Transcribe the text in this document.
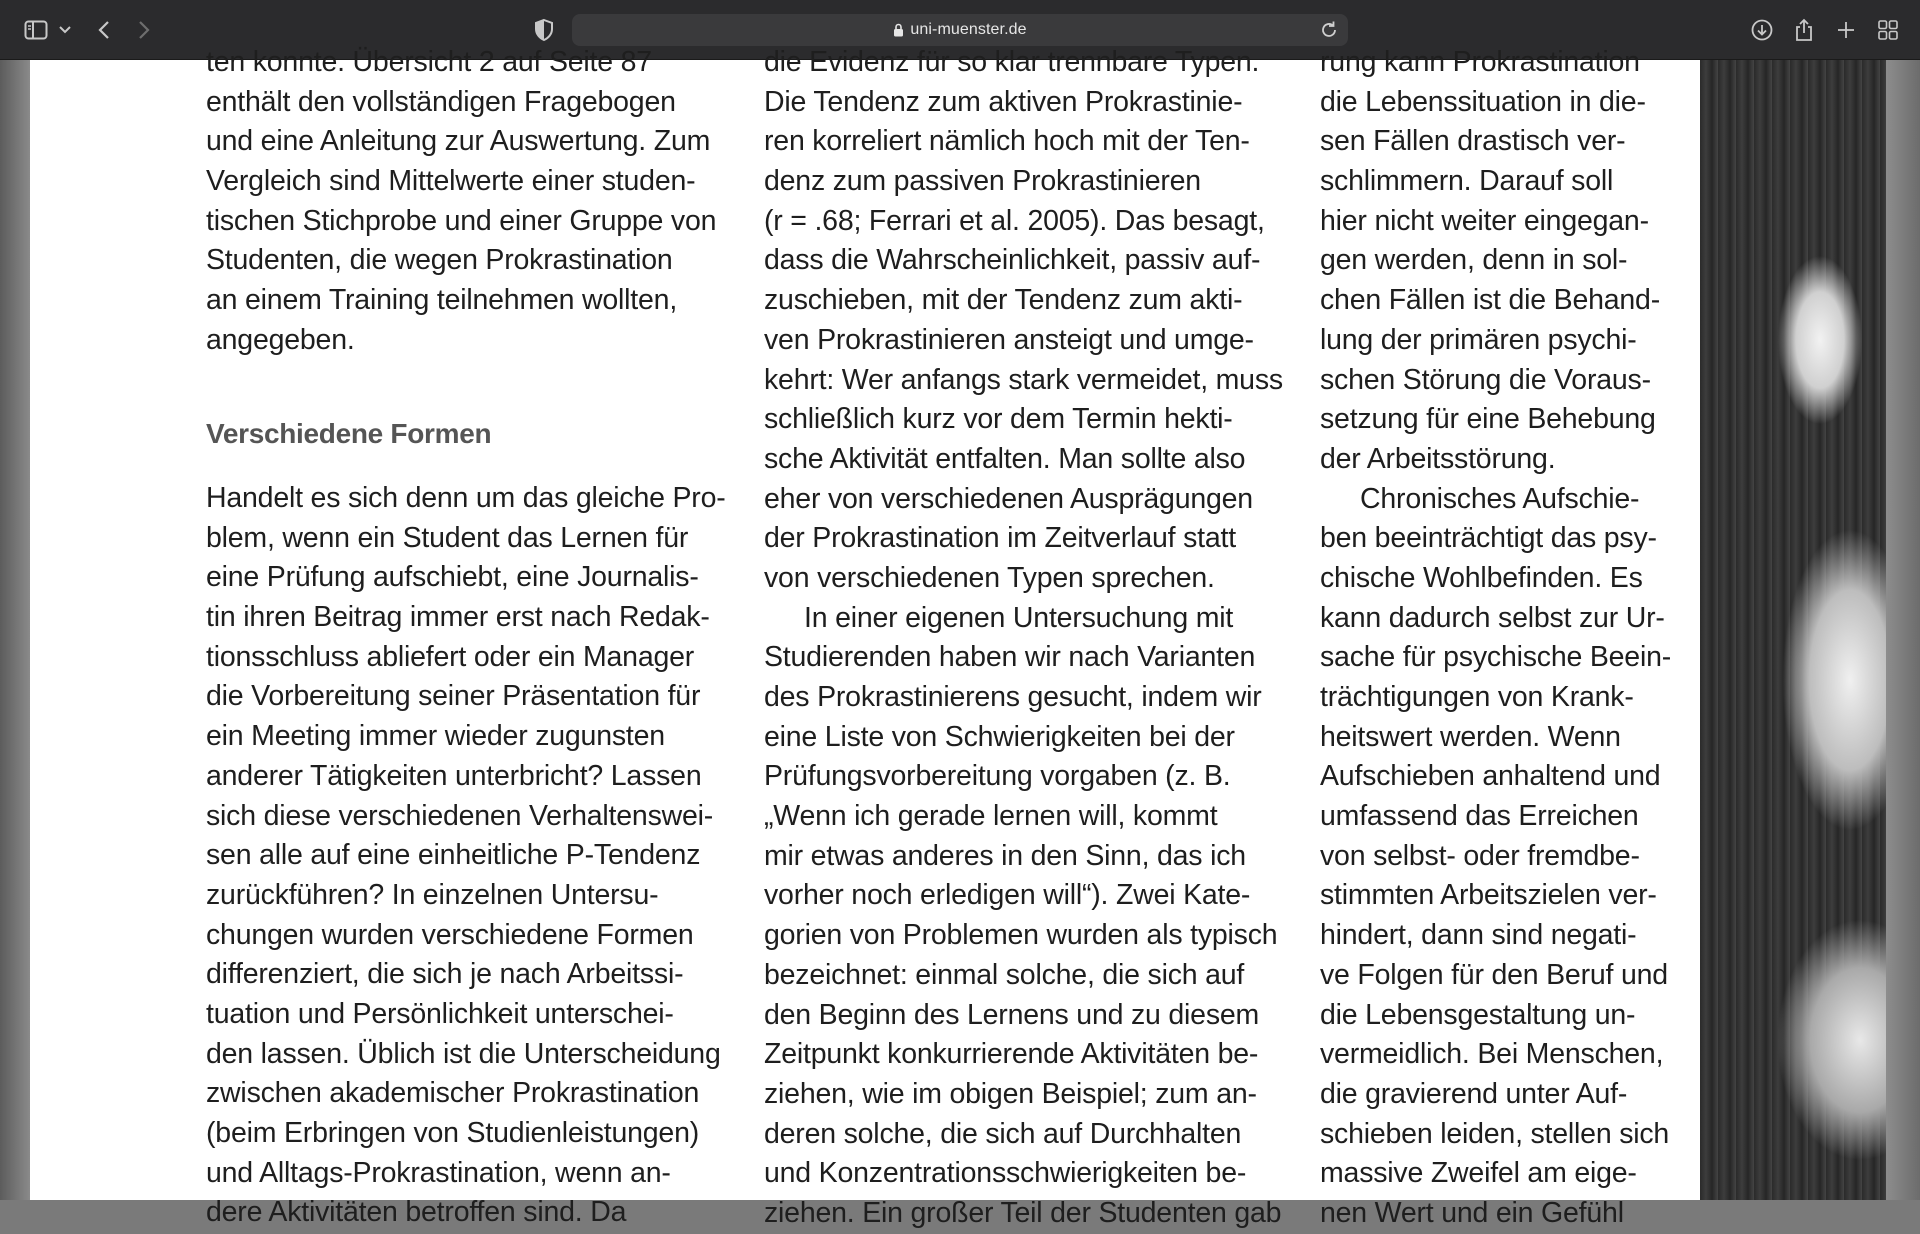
uni-muenster.de
ten konnte. Übersicht 2 auf Seite 87
enthält den vollständigen Fragebogen
und eine Anleitung zur Auswertung. Zum
Vergleich sind Mittelwerte einer studen-
tischen Stichprobe und einer Gruppe von
Studenten, die wegen Prokrastination
an einem Training teilnehmen wollten,
angegeben.
Verschiedene Formen
Handelt es sich denn um das gleiche Pro-
blem, wenn ein Student das Lernen für
eine Prüfung aufschiebt, eine Journalis-
tin ihren Beitrag immer erst nach Redak-
tionsschluss abliefert oder ein Manager
die Vorbereitung seiner Präsentation für
ein Meeting immer wieder zugunsten
anderer Tätigkeiten unterbricht? Lassen
sich diese verschiedenen Verhaltenswei-
sen alle auf eine einheitliche P-Tendenz
zurückführen? In einzelnen Untersu-
chungen wurden verschiedene Formen
differenziert, die sich je nach Arbeitssi-
tuation und Persönlichkeit unterschei-
den lassen. Üblich ist die Unterscheidung
zwischen akademischer Prokrastination
(beim Erbringen von Studienleistungen)
und Alltags-Prokrastination, wenn an-
dere Aktivitäten betroffen sind. Da
die Evidenz für so klar trennbare Typen.
Die Tendenz zum aktiven Prokrastinie-
ren korreliert nämlich hoch mit der Ten-
denz zum passiven Prokrastinieren
(r = .68; Ferrari et al. 2005). Das besagt,
dass die Wahrscheinlichkeit, passiv auf-
zuschieben, mit der Tendenz zum akti-
ven Prokrastinieren ansteigt und umge-
kehrt: Wer anfangs stark vermeidet, muss
schließlich kurz vor dem Termin hekti-
sche Aktivität entfalten. Man sollte also
eher von verschiedenen Ausprägungen
der Prokrastination im Zeitverlauf statt
von verschiedenen Typen sprechen.
In einer eigenen Untersuchung mit
Studierenden haben wir nach Varianten
des Prokrastinierens gesucht, indem wir
eine Liste von Schwierigkeiten bei der
Prüfungsvorbereitung vorgaben (z. B.
„Wenn ich gerade lernen will, kommt
mir etwas anderes in den Sinn, das ich
vorher noch erledigen will“). Zwei Kate-
gorien von Problemen wurden als typisch
bezeichnet: einmal solche, die sich auf
den Beginn des Lernens und zu diesem
Zeitpunkt konkurrierende Aktivitäten be-
ziehen, wie im obigen Beispiel; zum an-
deren solche, die sich auf Durchhalten
und Konzentrationsschwierigkeiten be-
ziehen. Ein großer Teil der Studenten gab
rung kann Prokrastination
die Lebenssituation in die-
sen Fällen drastisch ver-
schlimmern. Darauf soll
hier nicht weiter eingegan-
gen werden, denn in sol-
chen Fällen ist die Behand-
lung der primären psychi-
schen Störung die Voraus-
setzung für eine Behebung
der Arbeitsstörung.
Chronisches Aufschie-
ben beeinträchtigt das psy-
chische Wohlbefinden. Es
kann dadurch selbst zur Ur-
sache für psychische Beein-
trächtigungen von Krank-
heitswert werden. Wenn
Aufschieben anhaltend und
umfassend das Erreichen
von selbst- oder fremdbe-
stimmten Arbeitszielen ver-
hindert, dann sind negati-
ve Folgen für den Beruf und
die Lebensgestaltung un-
vermeidlich. Bei Menschen,
die gravierend unter Auf-
schieben leiden, stellen sich
massive Zweifel am eige-
nen Wert und ein Gefühl
